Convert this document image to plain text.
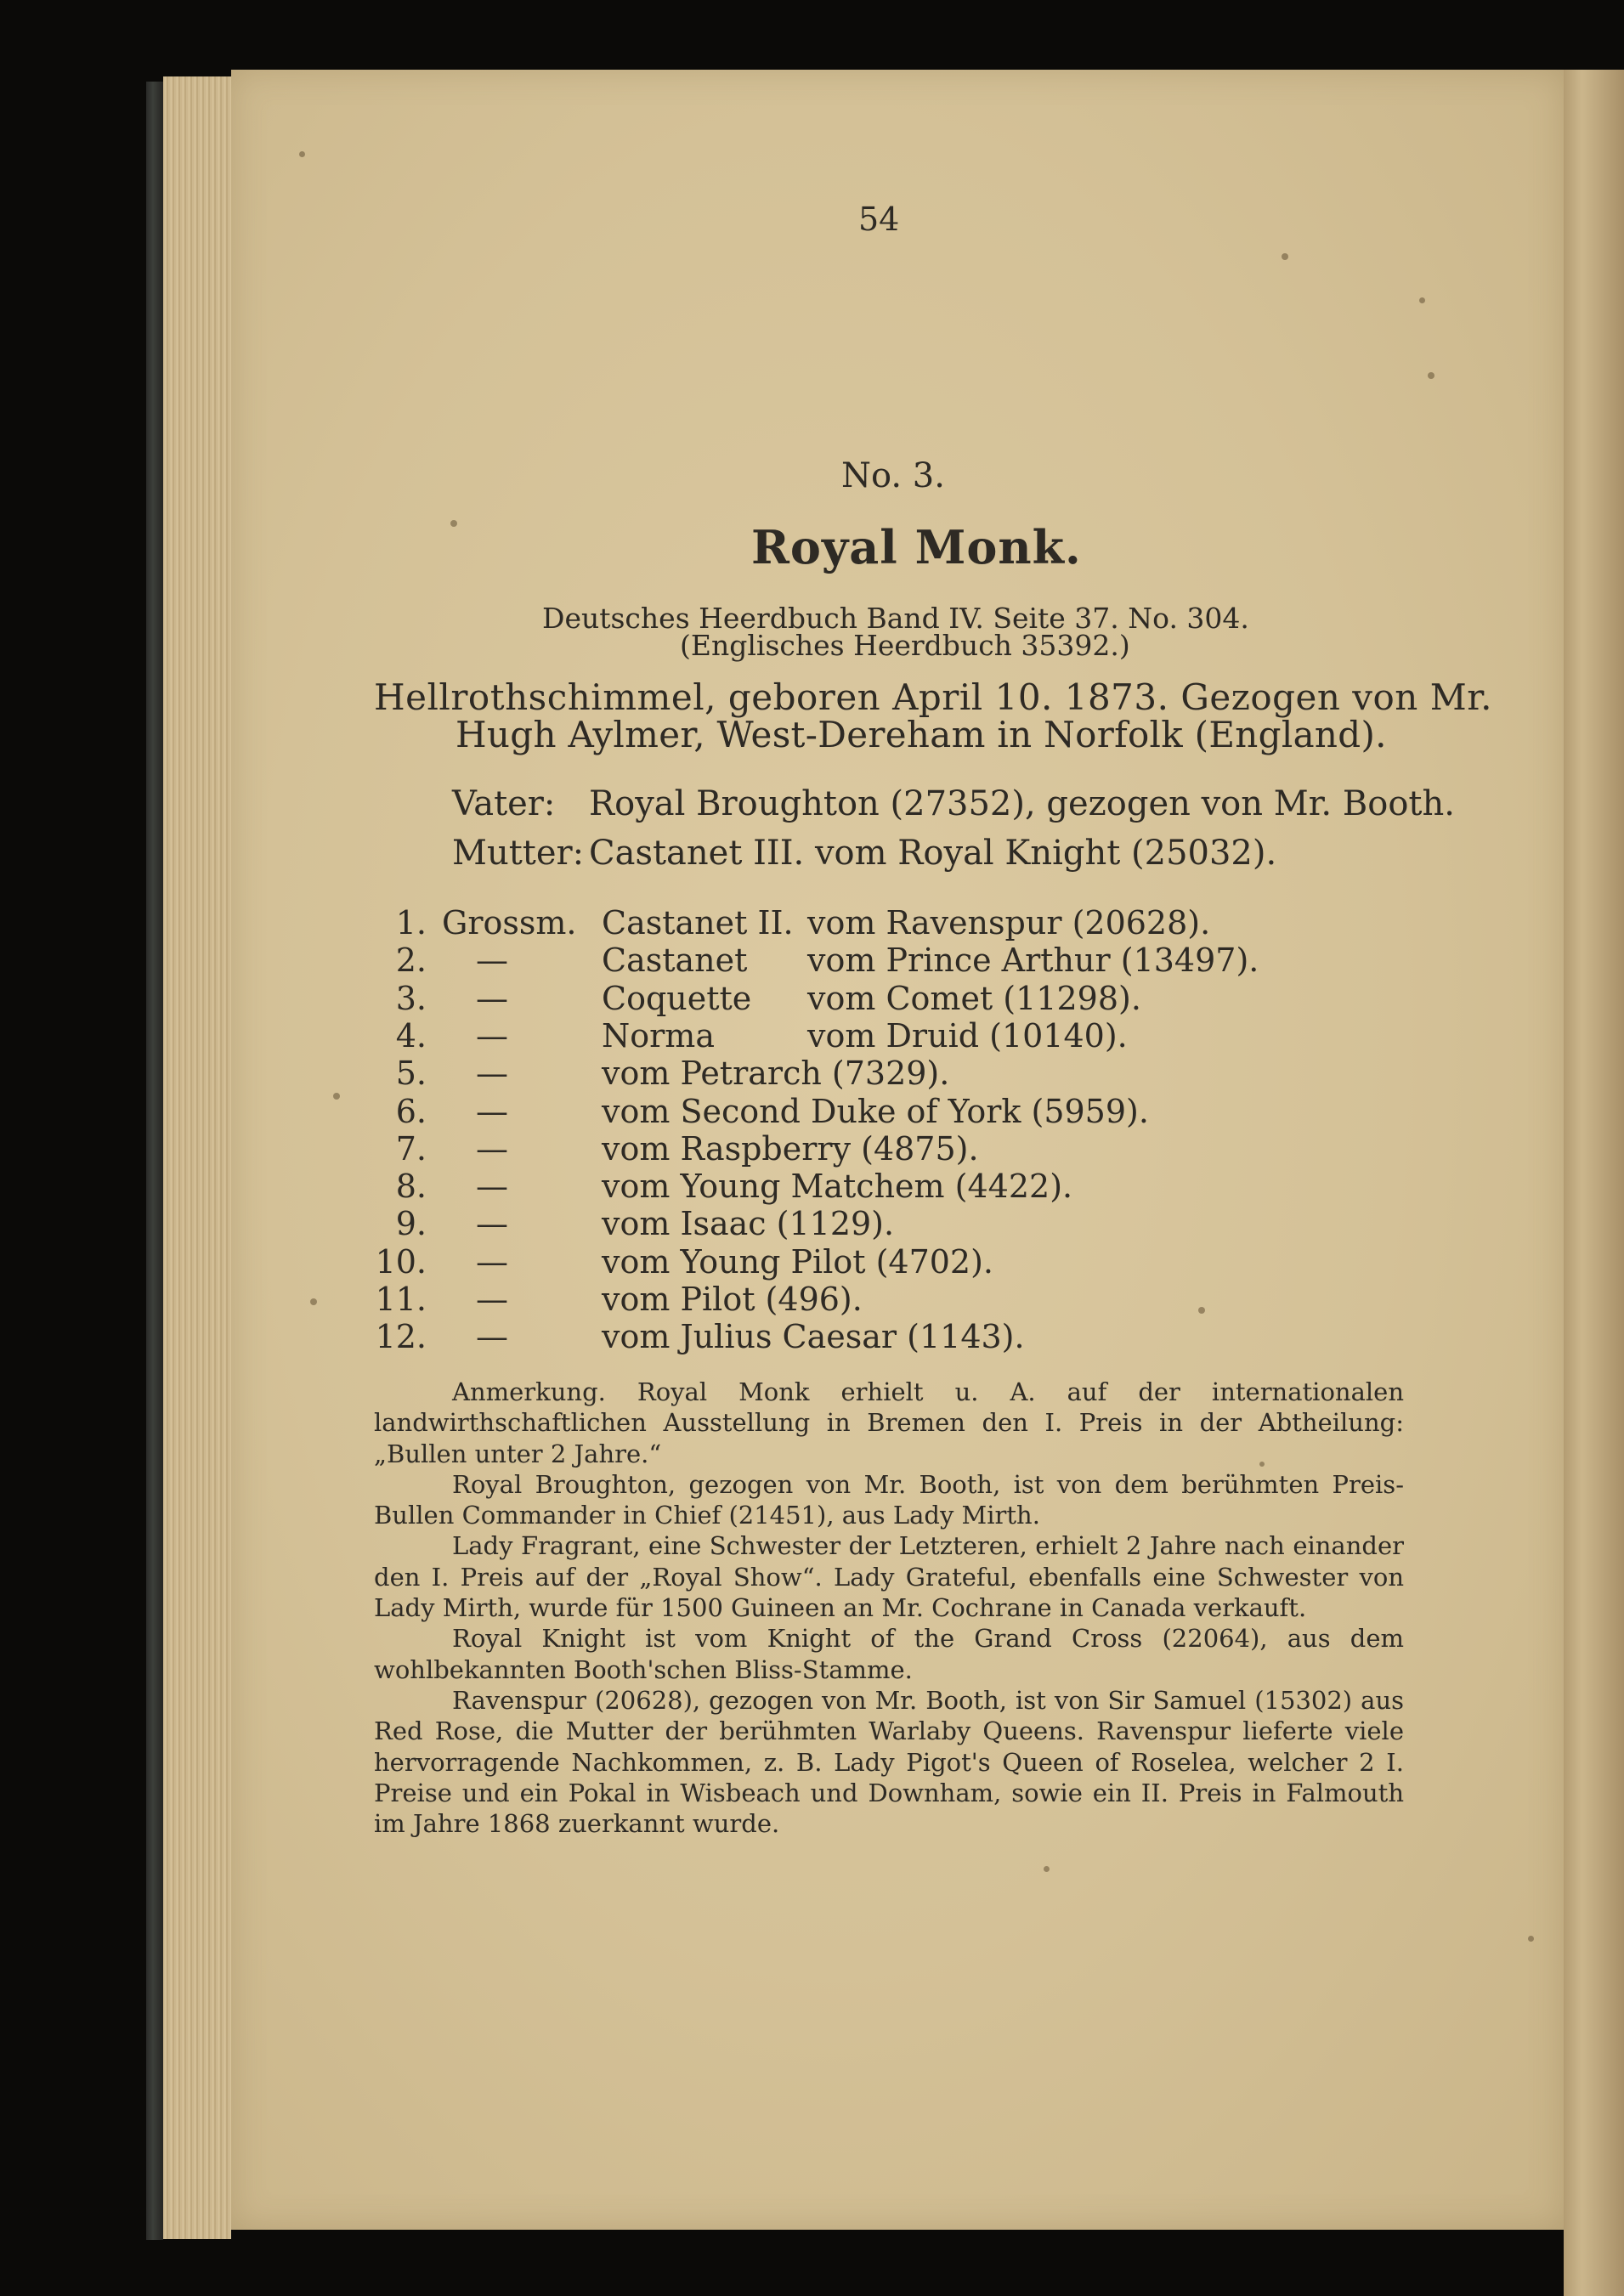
54

No. 3.

Royal Monk.

Deutsches Heerdbuch Band IV. Seite 37. No. 304.

(Englisches Heerdbuch 35392.)

Hellrothschimmel, geboren April 10. 1873. Gezogen von Mr.

Hugh Aylmer, West-Dereham in Norfolk (England).

Vater: Royal Broughton (27352), gezogen von Mr. Booth.

Mutter: Castanet III. vom Royal Knight (25032).

1. Grossm. Castanet II. vom Ravenspur (20628).
2. —	Castanet vom Prince Arthur (13497).
3. —	Coquette vom Comet (11298).
4. —	Norma	vom Druid (10140).
5. —	vom Petrarch (7329).
6. —	vom Second Duke of York (5959).
7. —	vom Raspberry (4875).
8. —	vom Young Matchem (4422).
9. —	vom Isaac (1129).
10. —	vom Young Pilot (4702).
11. —	vom Pilot (496).
12. —	vom Julius Caesar (1143).

Anmerkung. Royal Monk erhielt u. A. auf der internationalen landwirthschaftlichen Ausstellung in Bremen den I. Preis in der Abtheilung: „Bullen unter 2 Jahre.“

Royal Broughton, gezogen von Mr. Booth, ist von dem berühmten Preis-Bullen Commander in Chief (21451), aus Lady Mirth.

Lady Fragrant, eine Schwester der Letzteren, erhielt 2 Jahre nach einander den I. Preis auf der „Royal Show“. Lady Grateful, ebenfalls eine Schwester von Lady Mirth, wurde für 1500 Guineen an Mr. Cochrane in Canada verkauft.

Royal Knight ist vom Knight of the Grand Cross (22064), aus dem wohlbekannten Booth'schen Bliss-Stamme.

Ravenspur (20628), gezogen von Mr. Booth, ist von Sir Samuel (15302) aus Red Rose, die Mutter der berühmten Warlaby Queens. Ravenspur lieferte viele hervorragende Nachkommen, z. B. Lady Pigot's Queen of Roselea, welcher 2 I. Preise und ein Pokal in Wisbeach und Downham, sowie ein II. Preis in Falmouth im Jahre 1868 zuerkannt wurde.
